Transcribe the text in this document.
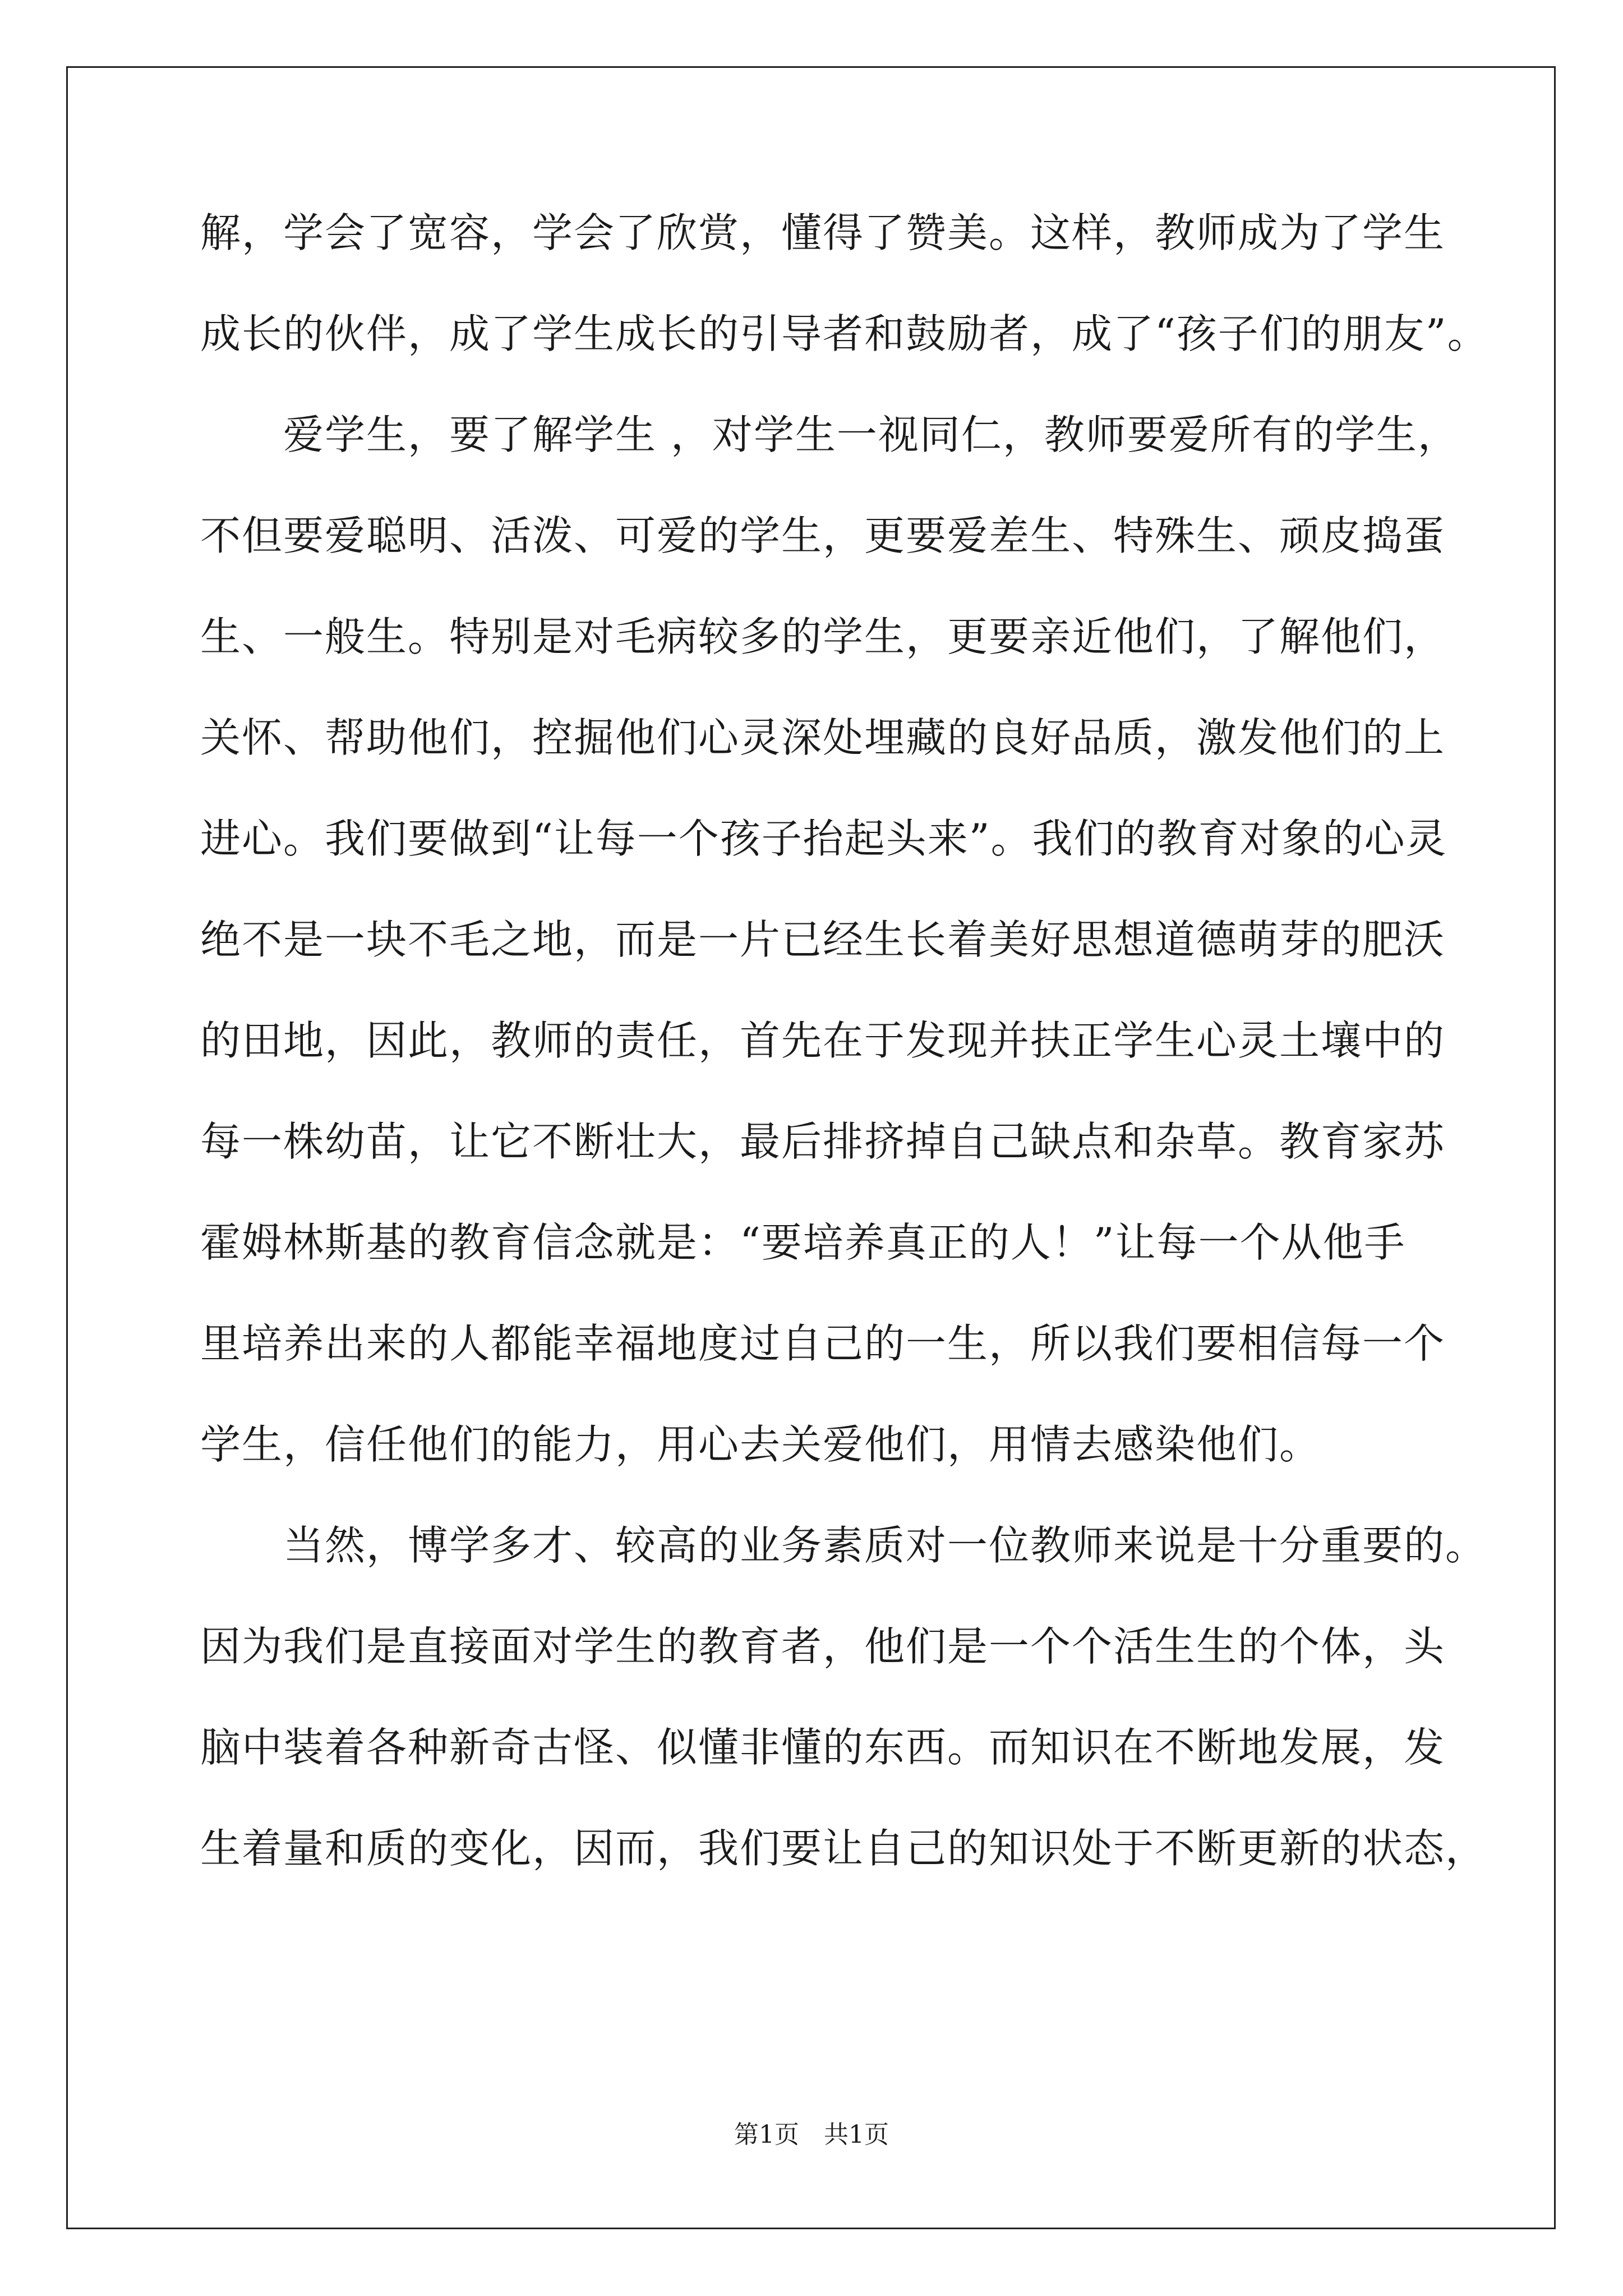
解，学会了宽容，学会了欣赏，懂得了赞美。这样，教师成为了学生
成长的伙伴，成了学生成长的引导者和鼓励者，成了“孩子们的朋友”。
　　爱学生，要了解学生 ，对学生一视同仁，教师要爱所有的学生，
不但要爱聪明、活泼、可爱的学生，更要爱差生、特殊生、顽皮捣蛋
生、一般生。特别是对毛病较多的学生，更要亲近他们，了解他们，
关怀、帮助他们，控掘他们心灵深处埋藏的良好品质，激发他们的上
进心。我们要做到“让每一个孩子抬起头来”。我们的教育对象的心灵
绝不是一块不毛之地，而是一片已经生长着美好思想道德萌芽的肥沃
的田地，因此，教师的责任，首先在于发现并扶正学生心灵土壤中的
每一株幼苗，让它不断壮大，最后排挤掉自己缺点和杂草。教育家苏
霍姆林斯基的教育信念就是：“要培养真正的人！”让每一个从他手
里培养出来的人都能幸福地度过自己的一生，所以我们要相信每一个
学生，信任他们的能力，用心去关爱他们，用情去感染他们。
　　当然，博学多才、较高的业务素质对一位教师来说是十分重要的。
因为我们是直接面对学生的教育者，他们是一个个活生生的个体，头
脑中装着各种新奇古怪、似懂非懂的东西。而知识在不断地发展，发
生着量和质的变化，因而，我们要让自己的知识处于不断更新的状态，
第1页　共1页
